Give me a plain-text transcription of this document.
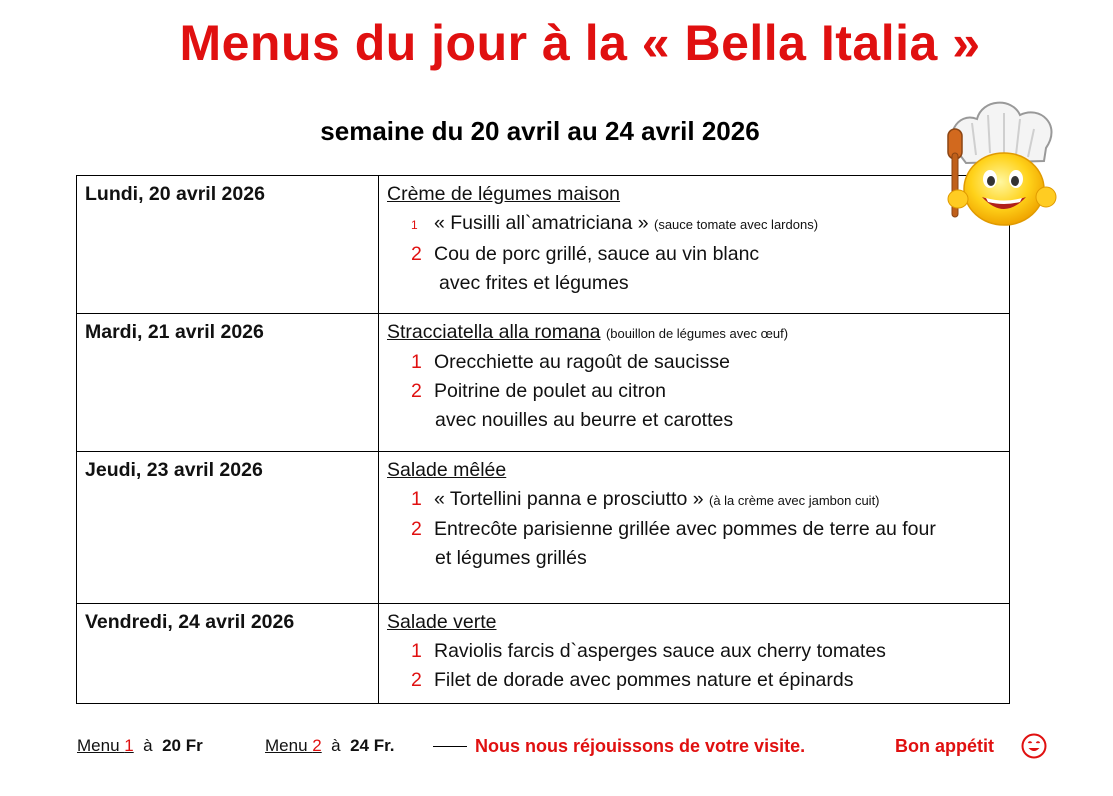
Menus du jour à la « Bella Italia »
semaine du 20 avril au 24 avril 2026
Lundi, 20 avril 2026	Crème de légumes maison
1 « Fusilli all`amatriciana » (sauce tomate avec lardons)
2 Cou de porc grillé, sauce au vin blanc
avec frites et légumes

Mardi, 21 avril 2026	Stracciatella alla romana (bouillon de légumes avec œuf)
1 Orecchiette au ragoût de saucisse
2 Poitrine de poulet au citron
avec nouilles au beurre et carottes

Jeudi, 23 avril 2026	Salade mêlée
1 « Tortellini panna e prosciutto » (à la crème avec jambon cuit)
2 Entrecôte parisienne grillée avec pommes de terre au four
et légumes grillés

Vendredi, 24 avril 2026	Salade verte
1 Raviolis farcis d`asperges sauce aux cherry tomates
2 Filet de dorade avec pommes nature et épinards
Menu 1  à  20 Fr	Menu 2  à  24 Fr.	Nous nous réjouissons de votre visite.	Bon appétit
